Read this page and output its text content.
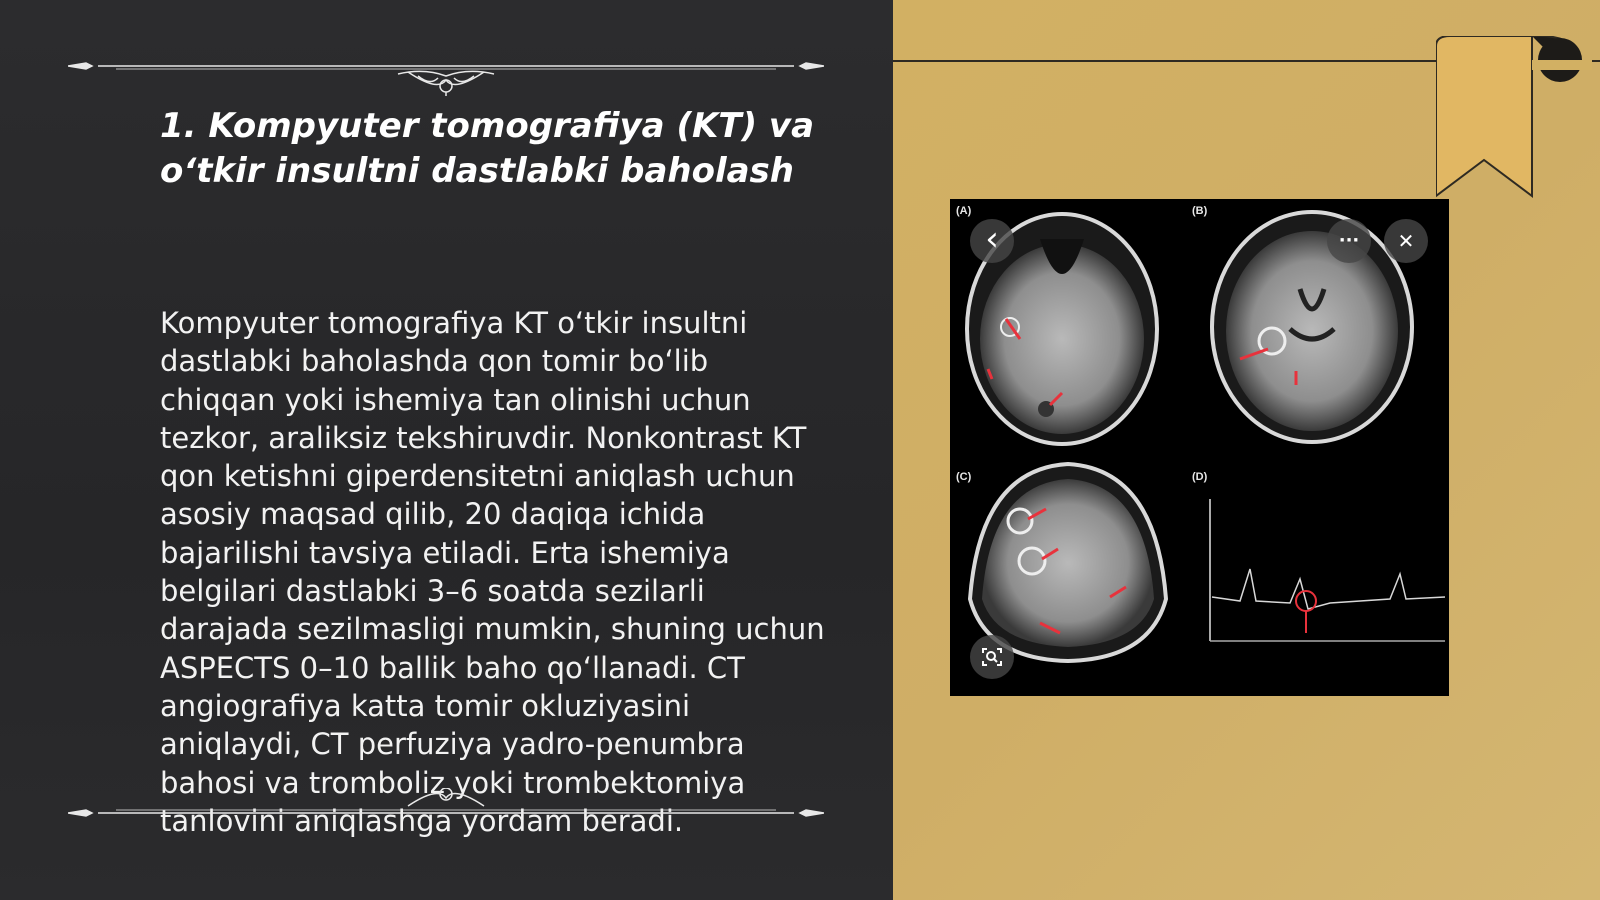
1. Kompyuter tomografiya (KT) va
o‘tkir insultni dastlabki baholash

Kompyuter tomografiya KT o‘tkir insultni dastlabki baholashda qon tomir bo‘lib chiqqan yoki ishemiya tan olinishi uchun tezkor, araliksiz tekshiruvdir. Nonkontrast KT qon ketishni giperdensitetni aniqlash uchun asosiy maqsad qilib, 20 daqiqa ichida bajarilishi tavsiya etiladi. Erta ishemiya belgilari dastlabki 3–6 soatda sezilarli darajada sezilmasligi mumkin, shuning uchun ASPECTS 0–10 ballik baho qo‘llanadi. CT angiografiya katta tomir okluziyasini aniqlaydi, CT perfuziya yadro-penumbra bahosi va tromboliz yoki trombektomiya tanlovini aniqlashga yordam beradi.

(A)	(B)
(C)	(D)
‹	··· ✕
